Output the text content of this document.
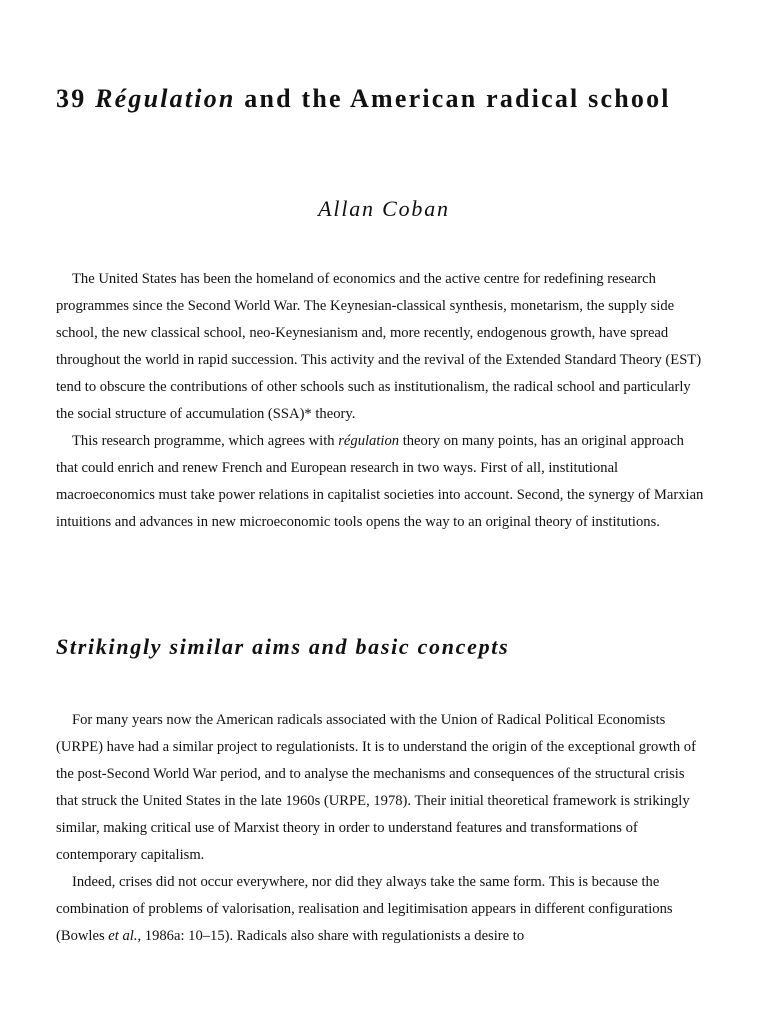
39 Régulation and the American radical school
Allan Coban

The United States has been the homeland of economics and the active centre for redefining research programmes since the Second World War. The Keynesian-classical synthesis, monetarism, the supply side school, the new classical school, neo-Keynesianism and, more recently, endogenous growth, have spread throughout the world in rapid succession. This activity and the revival of the Extended Standard Theory (EST) tend to obscure the contributions of other schools such as institutionalism, the radical school and particularly the social structure of accumulation (SSA)* theory.

This research programme, which agrees with régulation theory on many points, has an original approach that could enrich and renew French and European research in two ways. First of all, institutional macroeconomics must take power relations in capitalist societies into account. Second, the synergy of Marxian intuitions and advances in new microeconomic tools opens the way to an original theory of institutions.

Strikingly similar aims and basic concepts

For many years now the American radicals associated with the Union of Radical Political Economists (URPE) have had a similar project to regulationists. It is to understand the origin of the exceptional growth of the post-Second World War period, and to analyse the mechanisms and consequences of the structural crisis that struck the United States in the late 1960s (URPE, 1978). Their initial theoretical framework is strikingly similar, making critical use of Marxist theory in order to understand features and transformations of contemporary capitalism.

Indeed, crises did not occur everywhere, nor did they always take the same form. This is because the combination of problems of valorisation, realisation and legitimisation appears in different configurations (Bowles et al., 1986a: 10–15). Radicals also share with regulationists a desire to
